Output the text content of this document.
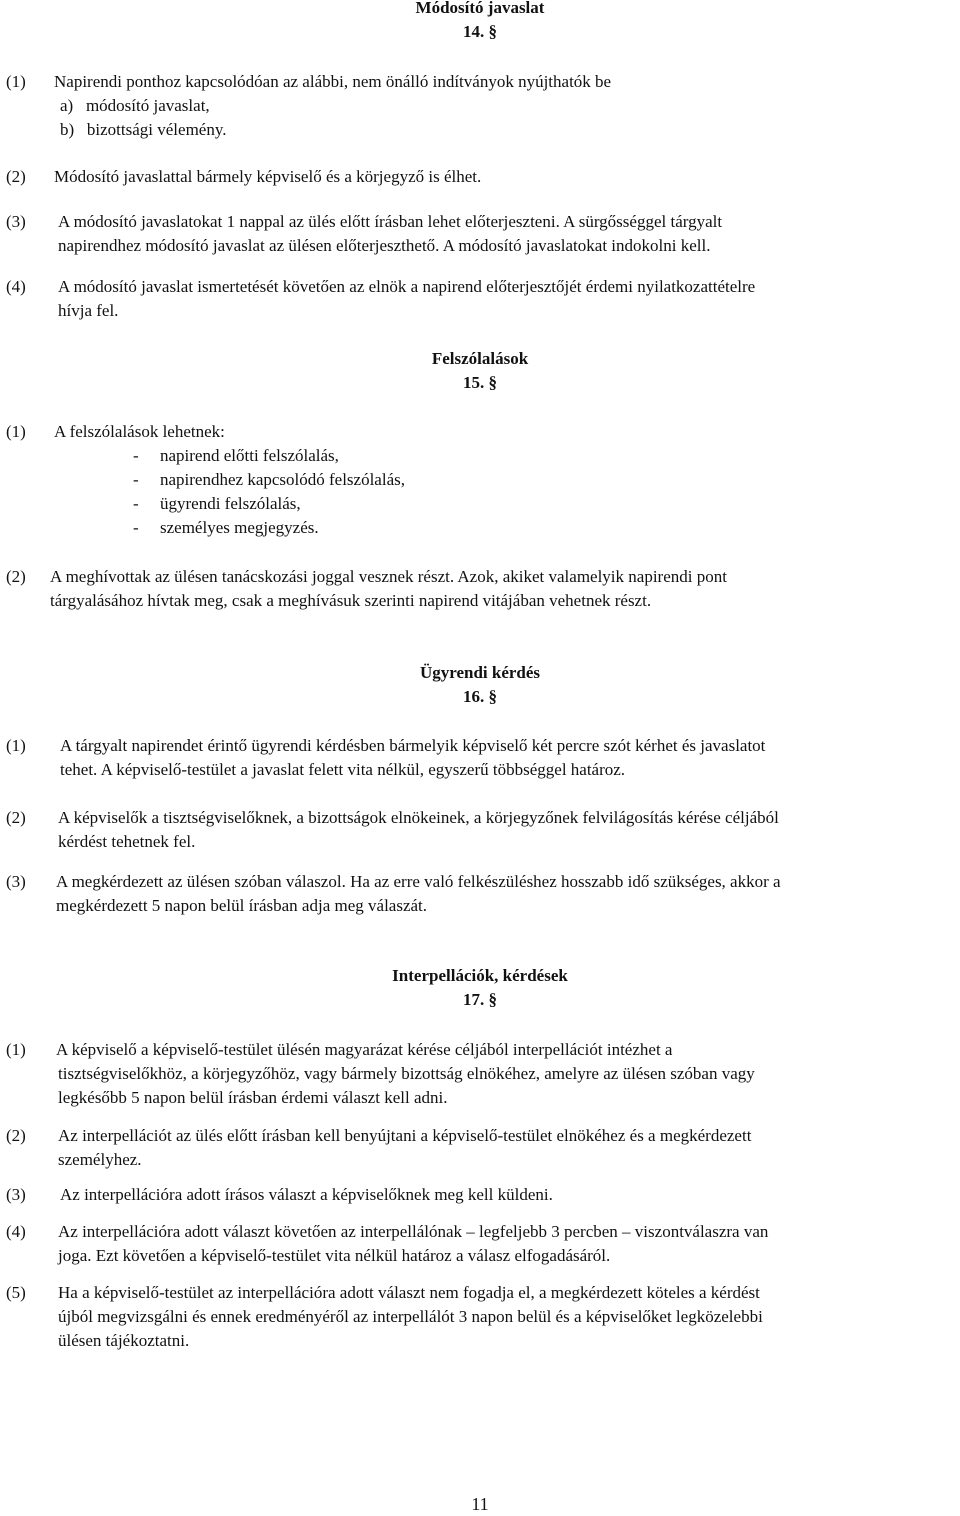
Módosító javaslat
14. §
(1) Napirendi ponthoz kapcsolódóan az alábbi, nem önálló indítványok nyújthatók be
a)   módosító javaslat,
b)   bizottsági vélemény.
(2) Módosító javaslattal bármely képviselő és a körjegyző is élhet.
(3) A módosító javaslatokat 1 nappal az ülés előtt írásban lehet előterjeszteni. A sürgősséggel tárgyalt
napirendhez módosító javaslat az ülésen előterjeszthető. A módosító javaslatokat indokolni kell.
(4) A módosító javaslat ismertetését követően az elnök a napirend előterjesztőjét érdemi nyilatkozattételre
hívja fel.
Felszólalások
15. §
(1) A felszólalások lehetnek:
- napirend előtti felszólalás,
- napirendhez kapcsolódó felszólalás,
- ügyrendi felszólalás,
- személyes megjegyzés.
(2) A meghívottak az ülésen tanácskozási joggal vesznek részt. Azok, akiket valamelyik napirendi pont
tárgyalásához hívtak meg, csak a meghívásuk szerinti napirend vitájában vehetnek részt.
Ügyrendi kérdés
16. §
(1) A tárgyalt napirendet érintő ügyrendi kérdésben bármelyik képviselő két percre szót kérhet és javaslatot
tehet. A képviselő-testület a javaslat felett vita nélkül, egyszerű többséggel határoz.
(2) A képviselők a tisztségviselőknek, a bizottságok elnökeinek, a körjegyzőnek felvilágosítás kérése céljából
kérdést tehetnek fel.
(3) A megkérdezett az ülésen szóban válaszol. Ha az erre való felkészüléshez hosszabb idő szükséges, akkor a
megkérdezett 5 napon belül írásban adja meg válaszát.
Interpellációk, kérdések
17. §
(1) A képviselő a képviselő-testület ülésén magyarázat kérése céljából interpellációt intézhet a
tisztségviselőkhöz, a körjegyzőhöz, vagy bármely bizottság elnökéhez, amelyre az ülésen szóban vagy
legkésőbb 5 napon belül írásban érdemi választ kell adni.
(2) Az interpellációt az ülés előtt írásban kell benyújtani a képviselő-testület elnökéhez és a megkérdezett
személyhez.
(3) Az interpellációra adott írásos választ a képviselőknek meg kell küldeni.
(4) Az interpellációra adott választ követően az interpellálónak – legfeljebb 3 percben – viszontválaszra van
joga. Ezt követően a képviselő-testület vita nélkül határoz a válasz elfogadásáról.
(5) Ha a képviselő-testület az interpellációra adott választ nem fogadja el, a megkérdezett köteles a kérdést
újból megvizsgálni és ennek eredményéről az interpellálót 3 napon belül és a képviselőket legközelebbi
ülésen tájékoztatni.
11
